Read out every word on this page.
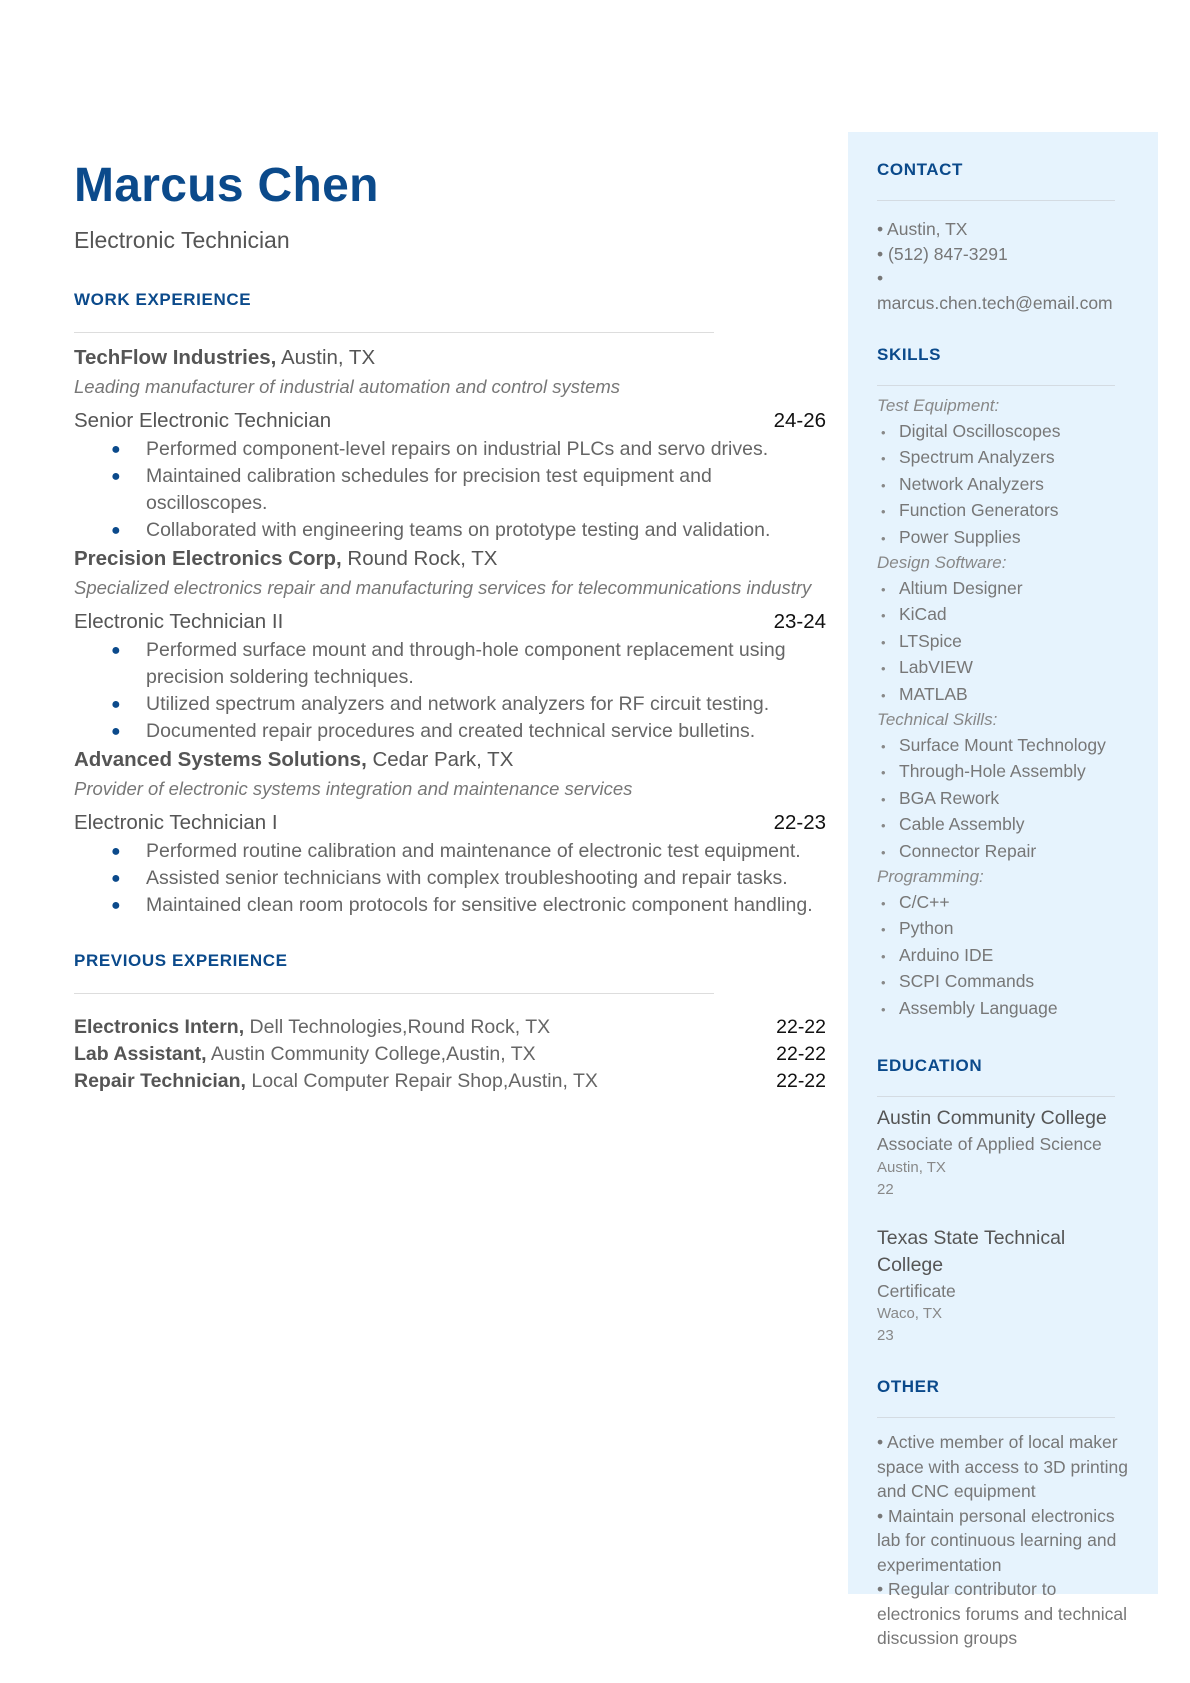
Marcus Chen
Electronic Technician
WORK EXPERIENCE
TechFlow Industries, Austin, TX
Leading manufacturer of industrial automation and control systems
Senior Electronic Technician	24-26
● Performed component-level repairs on industrial PLCs and servo drives.
● Maintained calibration schedules for precision test equipment and oscilloscopes.
● Collaborated with engineering teams on prototype testing and validation.
Precision Electronics Corp, Round Rock, TX
Specialized electronics repair and manufacturing services for telecommunications industry
Electronic Technician II	23-24
● Performed surface mount and through-hole component replacement using precision soldering techniques.
● Utilized spectrum analyzers and network analyzers for RF circuit testing.
● Documented repair procedures and created technical service bulletins.
Advanced Systems Solutions, Cedar Park, TX
Provider of electronic systems integration and maintenance services
Electronic Technician I	22-23
● Performed routine calibration and maintenance of electronic test equipment.
● Assisted senior technicians with complex troubleshooting and repair tasks.
● Maintained clean room protocols for sensitive electronic component handling.
PREVIOUS EXPERIENCE
Electronics Intern, Dell Technologies,Round Rock, TX	22-22
Lab Assistant, Austin Community College,Austin, TX	22-22
Repair Technician, Local Computer Repair Shop,Austin, TX	22-22
CONTACT
• Austin, TX
• (512) 847-3291
•
marcus.chen.tech@email.com
SKILLS
Test Equipment:
• Digital Oscilloscopes
• Spectrum Analyzers
• Network Analyzers
• Function Generators
• Power Supplies
Design Software:
• Altium Designer
• KiCad
• LTSpice
• LabVIEW
• MATLAB
Technical Skills:
• Surface Mount Technology
• Through-Hole Assembly
• BGA Rework
• Cable Assembly
• Connector Repair
Programming:
• C/C++
• Python
• Arduino IDE
• SCPI Commands
• Assembly Language
EDUCATION
Austin Community College
Associate of Applied Science
Austin, TX
22
Texas State Technical College
Certificate
Waco, TX
23
OTHER
• Active member of local maker space with access to 3D printing and CNC equipment
• Maintain personal electronics lab for continuous learning and experimentation
• Regular contributor to electronics forums and technical discussion groups
